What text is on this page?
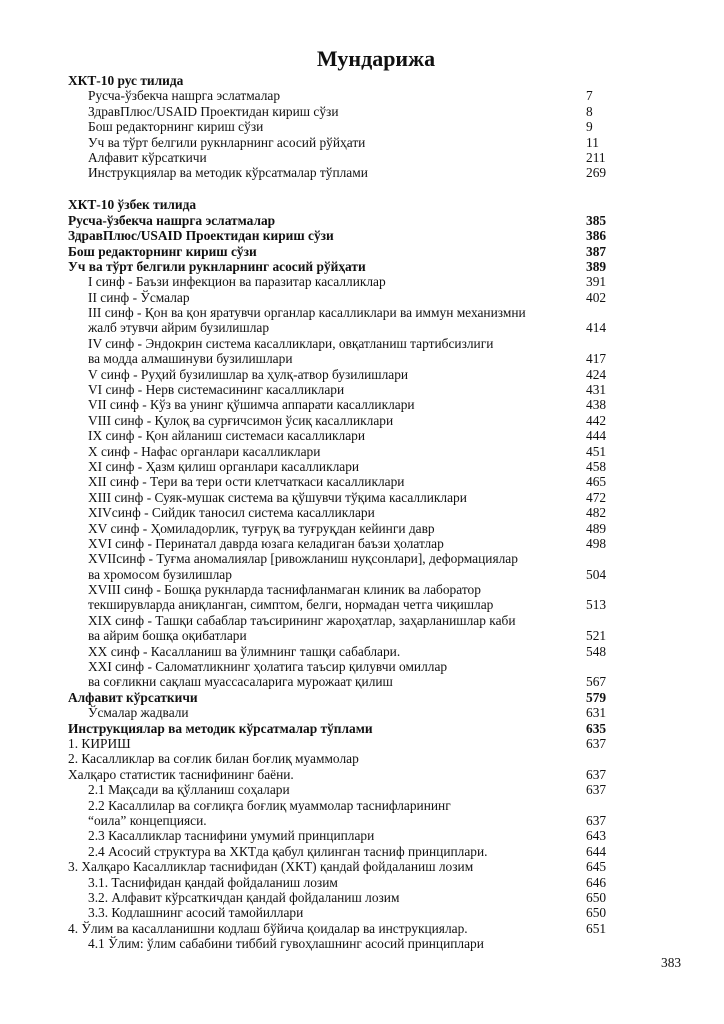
Мундарижа
ХКТ-10 рус тилида
Русча-ўзбекча нашрга эслатмалар	7
ЗдравПлюс/USAID Проектидан кириш сўзи	8
Бош редакторнинг кириш сўзи	9
Уч ва тўрт белгили рукнларнинг асосий рўйҳати	11
Алфавит кўрсаткичи	211
Инструкциялар ва методик кўрсатмалар тўплами	269
ХКТ-10 ўзбек тилида
Русча-ўзбекча нашрга эслатмалар	385
ЗдравПлюс/USAID Проектидан кириш сўзи	386
Бош редакторнинг кириш сўзи	387
Уч ва тўрт белгили рукнларнинг асосий рўйҳати	389
I синф - Баъзи инфекцион ва паразитар касалликлар	391
II синф - Ўсмалар	402
III синф - Қон ва қон яратувчи органлар касалликлари ва иммун механизмни
жалб этувчи айрим бузилишлар	414
IV синф - Эндокрин система касалликлари, овқатланиш тартибсизлиги
ва модда алмашинуви бузилишлари	417
V синф - Руҳий бузилишлар ва ҳулқ-атвор бузилишлари	424
VI синф - Нерв системасининг касалликлари	431
VII синф - Кўз ва унинг қўшимча аппарати касалликлари	438
VIII синф - Қулоқ ва сурғичсимон ўсиқ касалликлари	442
IX синф - Қон айланиш системаси касалликлари	444
X синф - Нафас органлари касалликлари	451
XI синф - Ҳазм қилиш органлари касалликлари	458
XII синф - Тери ва тери ости клетчаткаси касалликлари	465
XIII синф - Суяк-мушак система ва қўшувчи тўқима касалликлари	472
XIVсинф - Сийдик таносил система касалликлари	482
XV синф - Ҳомиладорлик, туғруқ ва туғруқдан кейинги давр	489
XVI синф - Перинатал даврда юзага келадиган баъзи ҳолатлар	498
XVIIсинф - Туғма аномалиялар [ривожланиш нуқсонлари], деформациялар
ва хромосом бузилишлар	504
XVIII синф - Бошқа рукнларда таснифланмаган клиник ва лаборатор
текширувларда аниқланган, симптом, белги, нормадан четга чиқишлар	513
XIX синф - Ташқи сабаблар таъсирининг жароҳатлар, заҳарланишлар каби
ва айрим бошқа оқибатлари	521
XX синф - Касалланиш ва ўлимнинг ташқи сабаблари.	548
XXI синф - Саломатликнинг ҳолатига таъсир қилувчи омиллар
ва соғликни сақлаш муассасаларига мурожаат қилиш	567
Алфавит кўрсаткичи	579
Ўсмалар жадвали	631
Инструкциялар ва методик кўрсатмалар тўплами	635
1. КИРИШ	637
2. Касалликлар ва соғлик билан боғлиқ муаммолар
Халқаро статистик таснифининг баёни.	637
2.1 Мақсади ва қўлланиш соҳалари	637
2.2 Касаллилар ва соғлиқга боғлиқ муаммолар таснифларининг
“оила” концепцияси.	637
2.3 Касалликлар таснифини умумий принциплари	643
2.4 Асосий структура ва ХКТда қабул қилинган тасниф принциплари.	644
3. Халқаро Касалликлар таснифидан (ХКТ) қандай фойдаланиш лозим	645
3.1. Таснифидан қандай фойдаланиш лозим	646
3.2. Алфавит кўрсаткичдан қандай фойдаланиш лозим	650
3.3. Кодлашнинг асосий тамойиллари	650
4. Ўлим ва касалланишни кодлаш бўйича қоидалар ва инструкциялар.	651
4.1 Ўлим: ўлим сабабини тиббий гувоҳлашнинг асосий принциплари
383
